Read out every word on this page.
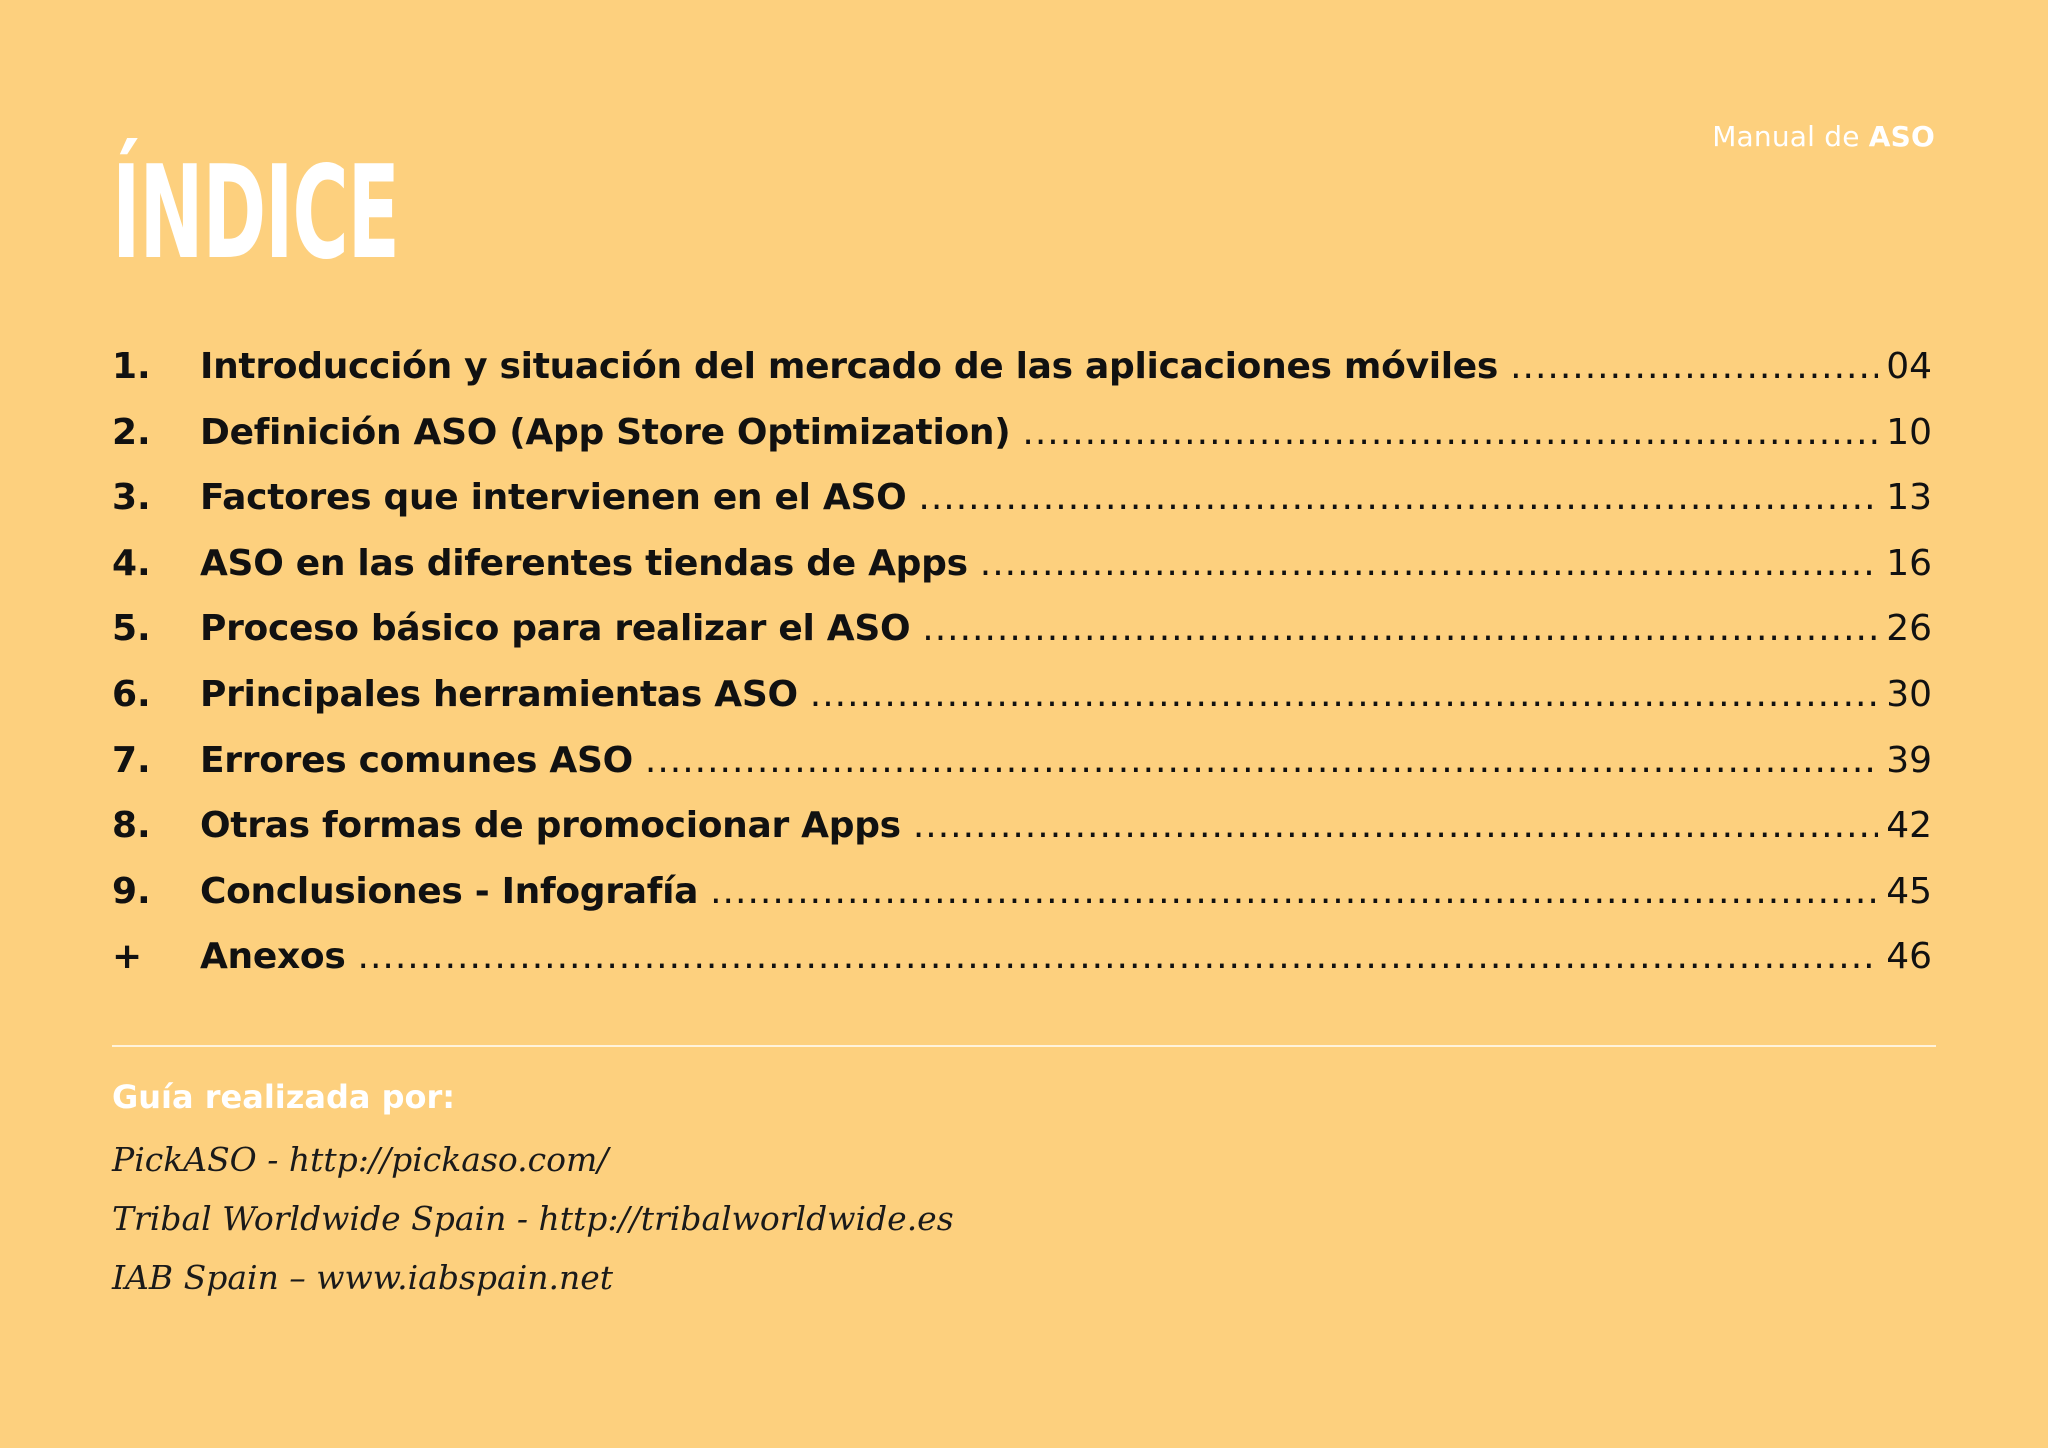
Manual de ASO
ÍNDICE
1.	Introducción y situación del mercado de las aplicaciones móviles .....	04
2.	Definición ASO (App Store Optimization) .....	10
3.	Factores que intervienen en el ASO .....	13
4.	ASO en las diferentes tiendas de Apps .....	16
5.	Proceso básico para realizar el ASO .....	26
6.	Principales herramientas ASO .....	30
7.	Errores comunes ASO .....	39
8.	Otras formas de promocionar Apps .....	42
9.	Conclusiones - Infografía .....	45
+	Anexos .....	46
Guía realizada por:
PickASO - http://pickaso.com/
Tribal Worldwide Spain - http://tribalworldwide.es
IAB Spain – www.iabspain.net
